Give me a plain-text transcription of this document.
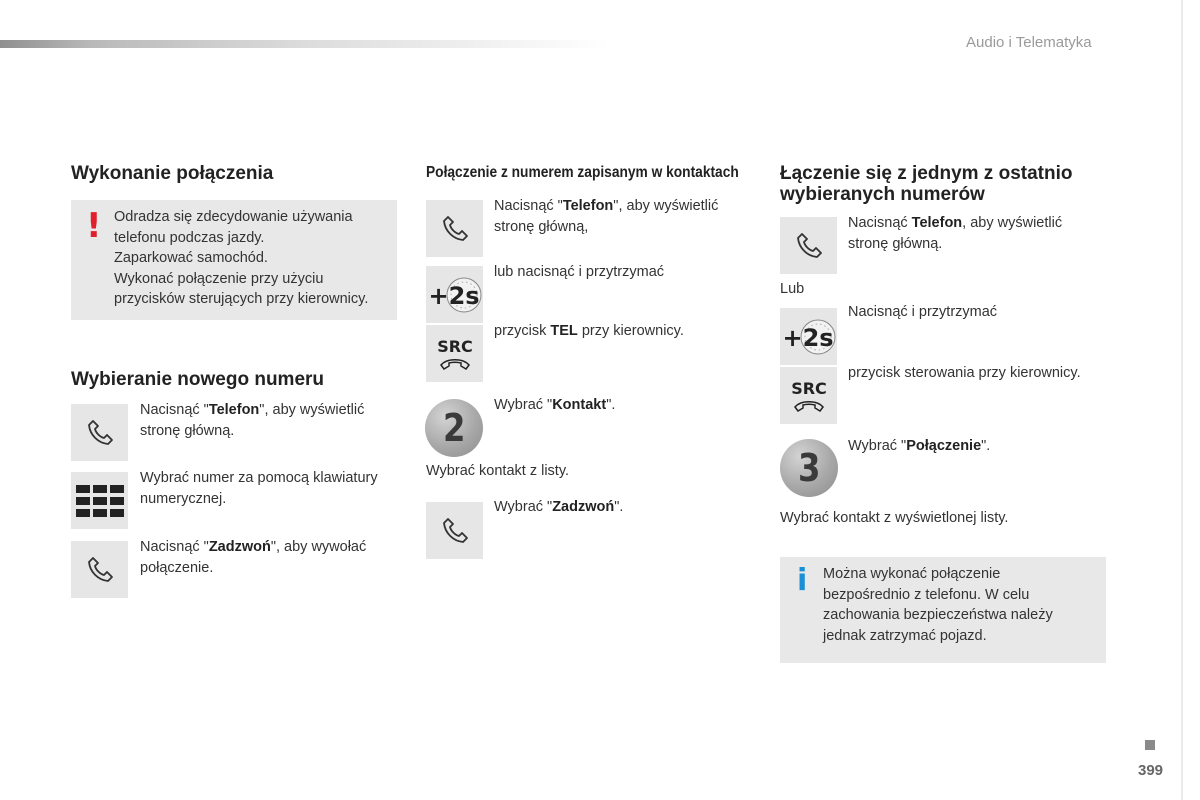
Audio i Telematyka
Wykonanie połączenia
! Odradza się zdecydowanie używania
telefonu podczas jazdy.
Zaparkować samochód.
Wykonać połączenie przy użyciu
przycisków sterujących przy kierownicy.
Wybieranie nowego numeru
Nacisnąć "Telefon", aby wyświetlić
stronę główną.
Wybrać numer za pomocą klawiatury
numerycznej.
Nacisnąć "Zadzwoń", aby wywołać
połączenie.
Połączenie z numerem zapisanym w kontaktach
Nacisnąć "Telefon", aby wyświetlić
stronę główną,
+2s
lub nacisnąć i przytrzymać
SRC
przycisk TEL przy kierownicy.
2
Wybrać "Kontakt".
Wybrać kontakt z listy.
Wybrać "Zadzwoń".
Łączenie się z jednym z ostatnio
wybieranych numerów
Nacisnąć Telefon, aby wyświetlić
stronę główną.
Lub
+2s
Nacisnąć i przytrzymać
SRC
przycisk sterowania przy kierownicy.
3 Wybrać "Połączenie".
Wybrać kontakt z wyświetlonej listy.
i Można wykonać połączenie
bezpośrednio z telefonu. W celu
zachowania bezpieczeństwa należy
jednak zatrzymać pojazd.
399
